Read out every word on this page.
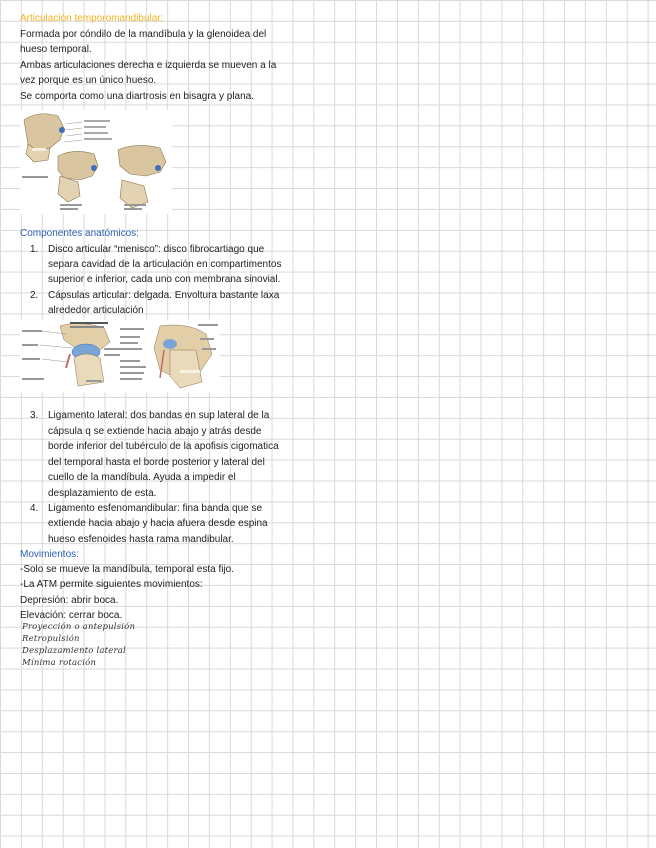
Articulación temporomandibular:
Formada por cóndilo de la mandíbula y la glenoidea del
hueso temporal.
Ambas articulaciones derecha e izquierda se mueven a la
vez porque es un único hueso.
Se comporta como una diartrosis en bisagra y plana.
Componentes anatómicos:
1. Disco articular “menisco”: disco fibrocartiago que
separa cavidad de la articulación en compartimentos
superior e inferior, cada uno con membrana sinovial.
2. Cápsulas articular: delgada. Envoltura bastante laxa
alrededor articulación
3. Ligamento lateral: dos bandas en sup lateral de la
cápsula q se extiende hacia abajo y atrás desde
borde inferior del tubérculo de la apofisis cigomatica
del temporal hasta el borde posterior y lateral del
cuello de la mandíbula. Ayuda a impedir el
desplazamiento de esta.
4. Ligamento esfenomandibular: fina banda que se
extiende hacia abajo y hacia afuera desde espina
hueso esfenoides hasta rama mandibular.
Movimientos:
-Solo se mueve la mandíbula, temporal esta fijo.
-La ATM permite siguientes movimientos:
Depresión: abrir boca.
Elevación: cerrar boca.
Proyección o antepulsión
Retropulsión
Desplazamiento lateral
Mínima rotación
